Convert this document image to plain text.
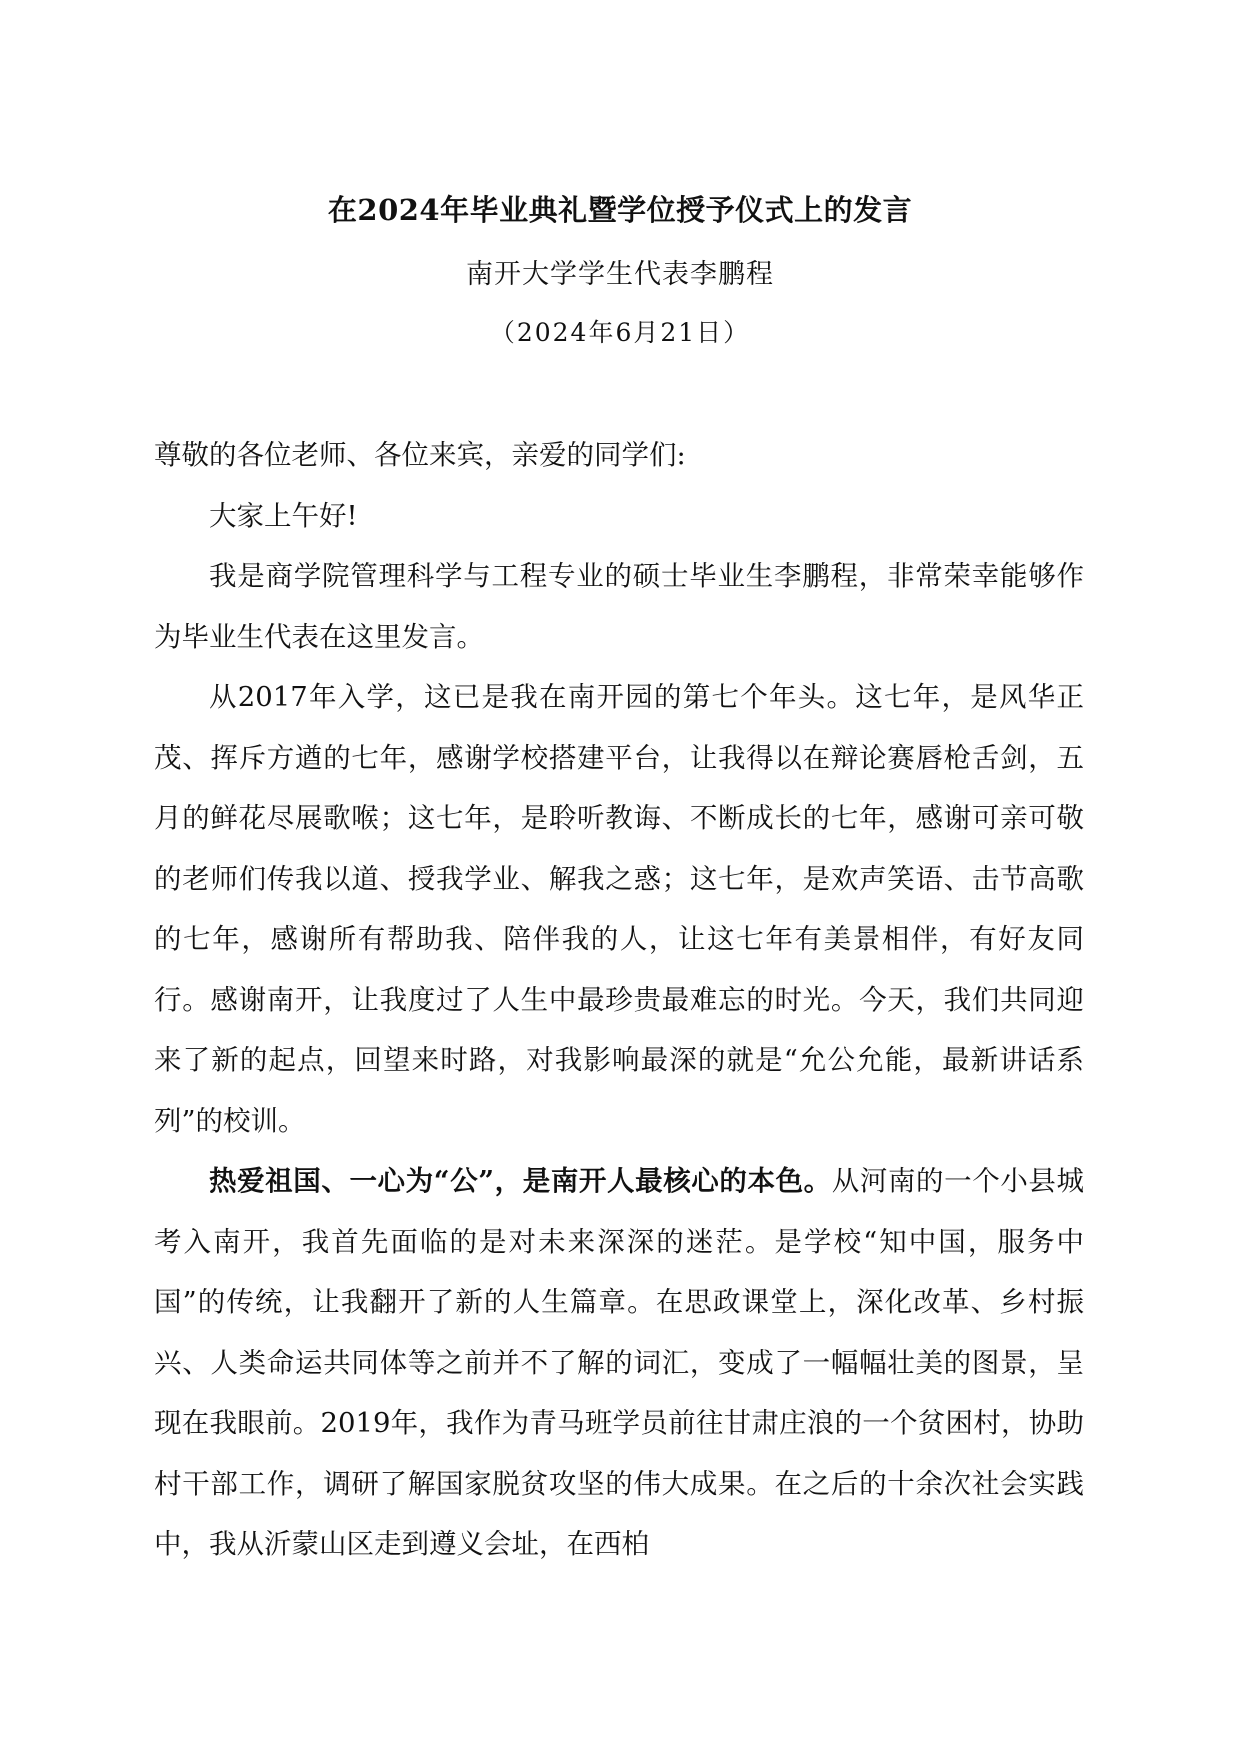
在2024年毕业典礼暨学位授予仪式上的发言
南开大学学生代表李鹏程
（2024年6月21日）

尊敬的各位老师、各位来宾，亲爱的同学们:

大家上午好!

我是商学院管理科学与工程专业的硕士毕业生李鹏程，非常荣幸能够作为毕业生代表在这里发言。

从2017年入学，这已是我在南开园的第七个年头。这七年，是风华正茂、挥斥方遒的七年，感谢学校搭建平台，让我得以在辩论赛唇枪舌剑，五月的鲜花尽展歌喉；这七年，是聆听教诲、不断成长的七年，感谢可亲可敬的老师们传我以道、授我学业、解我之惑；这七年，是欢声笑语、击节高歌的七年，感谢所有帮助我、陪伴我的人，让这七年有美景相伴，有好友同行。感谢南开，让我度过了人生中最珍贵最难忘的时光。今天，我们共同迎来了新的起点，回望来时路，对我影响最深的就是“允公允能，最新讲话系列”的校训。

热爱祖国、一心为“公”，是南开人最核心的本色。从河南的一个小县城考入南开，我首先面临的是对未来深深的迷茫。是学校“知中国，服务中国”的传统，让我翻开了新的人生篇章。在思政课堂上，深化改革、乡村振兴、人类命运共同体等之前并不了解的词汇，变成了一幅幅壮美的图景，呈现在我眼前。2019年，我作为青马班学员前往甘肃庄浪的一个贫困村，协助村干部工作，调研了解国家脱贫攻坚的伟大成果。在之后的十余次社会实践中，我从沂蒙山区走到遵义会址，在西柏
